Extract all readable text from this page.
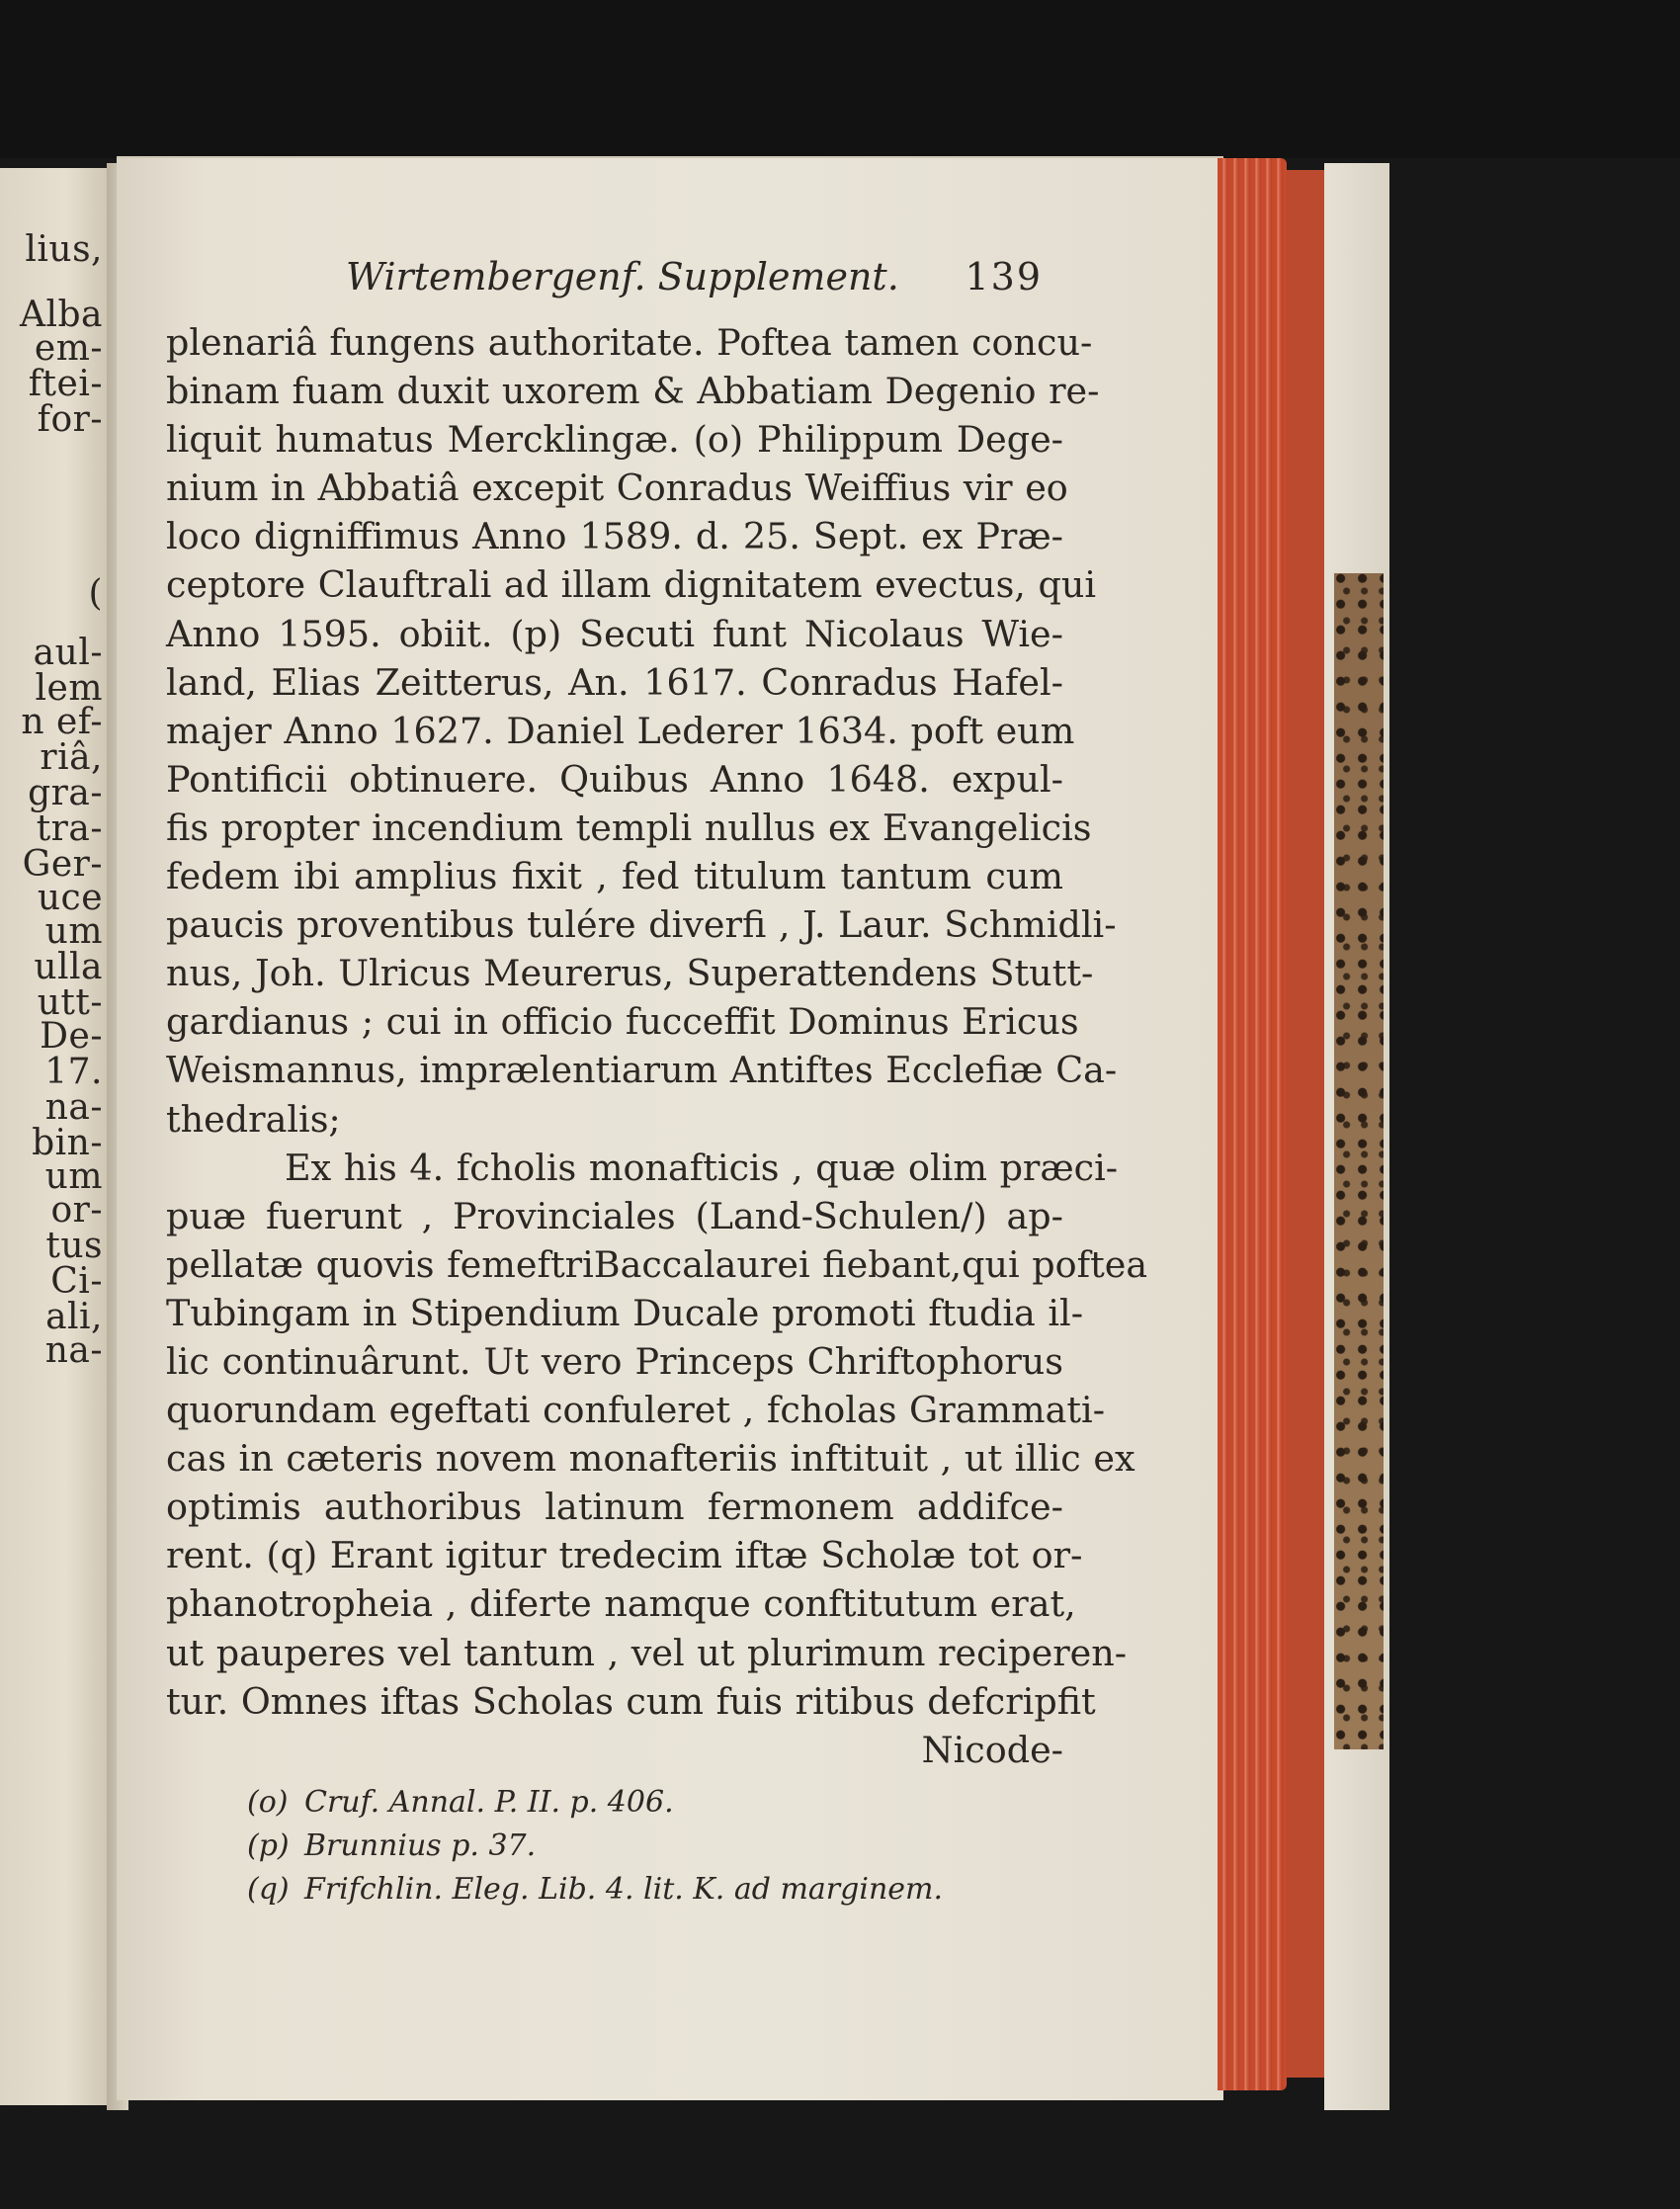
lius,
Alba
em-
ftei-
for-
(
aul-
lem
n ef-
riâ,
gra-
tra-
Ger-
uce
um
ulla
utt-
De-
17.
na-
bin-
um
or-
tus
Ci-
ali,
na-
Wirtembergenf. Supplement. 139
plenariâ fungens authoritate. Poftea tamen concu-
binam fuam duxit uxorem & Abbatiam Degenio re-
liquit humatus Mercklingæ. (o) Philippum Dege-
nium in Abbatiâ excepit Conradus Weiffius vir eo
loco digniffimus Anno 1589. d. 25. Sept. ex Præ-
ceptore Clauftrali ad illam dignitatem evectus, qui
Anno 1595. obiit. (p) Secuti funt Nicolaus Wie-
land, Elias Zeitterus, An. 1617. Conradus Hafel-
majer Anno 1627. Daniel Lederer 1634. poft eum
Pontificii obtinuere. Quibus Anno 1648. expul-
fis propter incendium templi nullus ex Evangelicis
fedem ibi amplius fixit , fed titulum tantum cum
paucis proventibus tulére diverfi , J. Laur. Schmidli-
nus, Joh. Ulricus Meurerus, Superattendens Stutt-
gardianus ; cui in officio fucceffit Dominus Ericus
Weismannus, imprælentiarum Antiftes Ecclefiæ Ca-
thedralis;
Ex his 4. fcholis monafticis , quæ olim præci-
puæ fuerunt , Provinciales (Land-Schulen/) ap-
pellatæ quovis femeftriBaccalaurei fiebant,qui poftea
Tubingam in Stipendium Ducale promoti ftudia il-
lic continuârunt. Ut vero Princeps Chriftophorus
quorundam egeftati confuleret , fcholas Grammati-
cas in cæteris novem monafteriis inftituit , ut illic ex
optimis authoribus latinum fermonem addifce-
rent. (q) Erant igitur tredecim iftæ Scholæ tot or-
phanotropheia , diferte namque conftitutum erat,
ut pauperes vel tantum , vel ut plurimum reciperen-
tur. Omnes iftas Scholas cum fuis ritibus defcripfit
Nicode-
(o) Cruf. Annal. P. II. p. 406.
(p) Brunnius p. 37.
(q) Frifchlin. Eleg. Lib. 4. lit. K. ad marginem.
